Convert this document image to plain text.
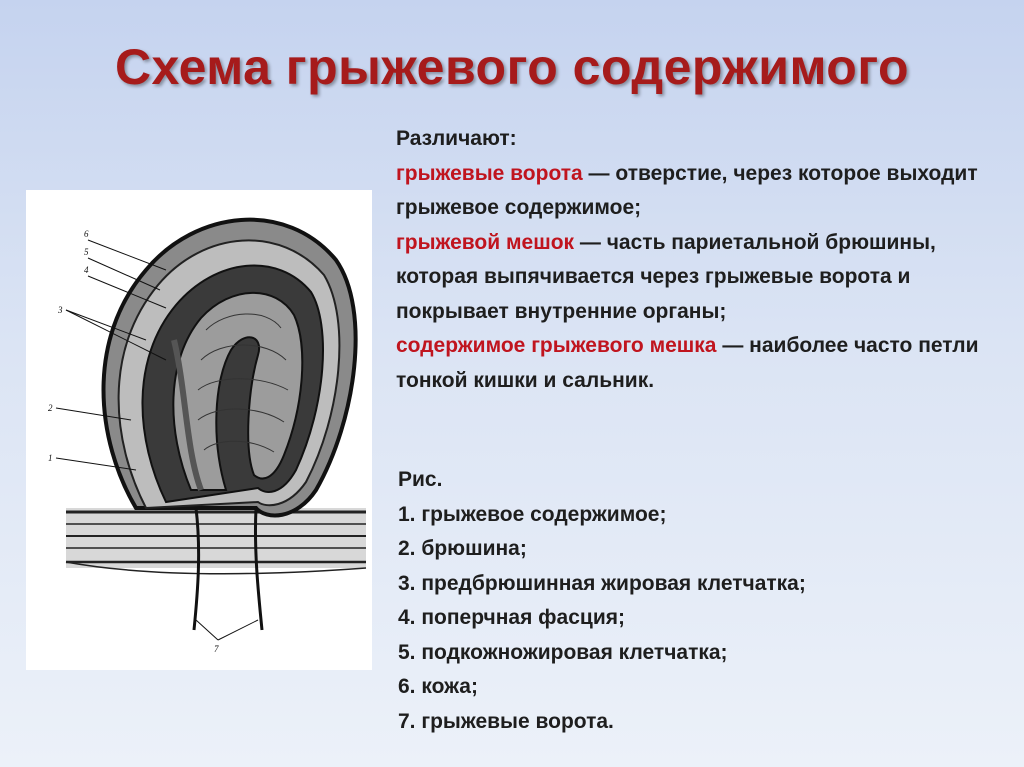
Схема грыжевого содержимого
6
5
4
3
2
1
7

Различают:

грыжевые ворота — отверстие, через которое выходит грыжевое содержимое;

грыжевой мешок — часть париетальной брюшины, которая выпячивается через грыжевые ворота и покрывает внутренние органы;

содержимое грыжевого мешка — наиболее часто петли тонкой кишки и сальник.

Рис.
1. грыжевое содержимое;
2. брюшина;
3. предбрюшинная жировая клетчатка;
4. поперчная фасция;
5. подкожножировая клетчатка;
6. кожа;
7. грыжевые ворота.
